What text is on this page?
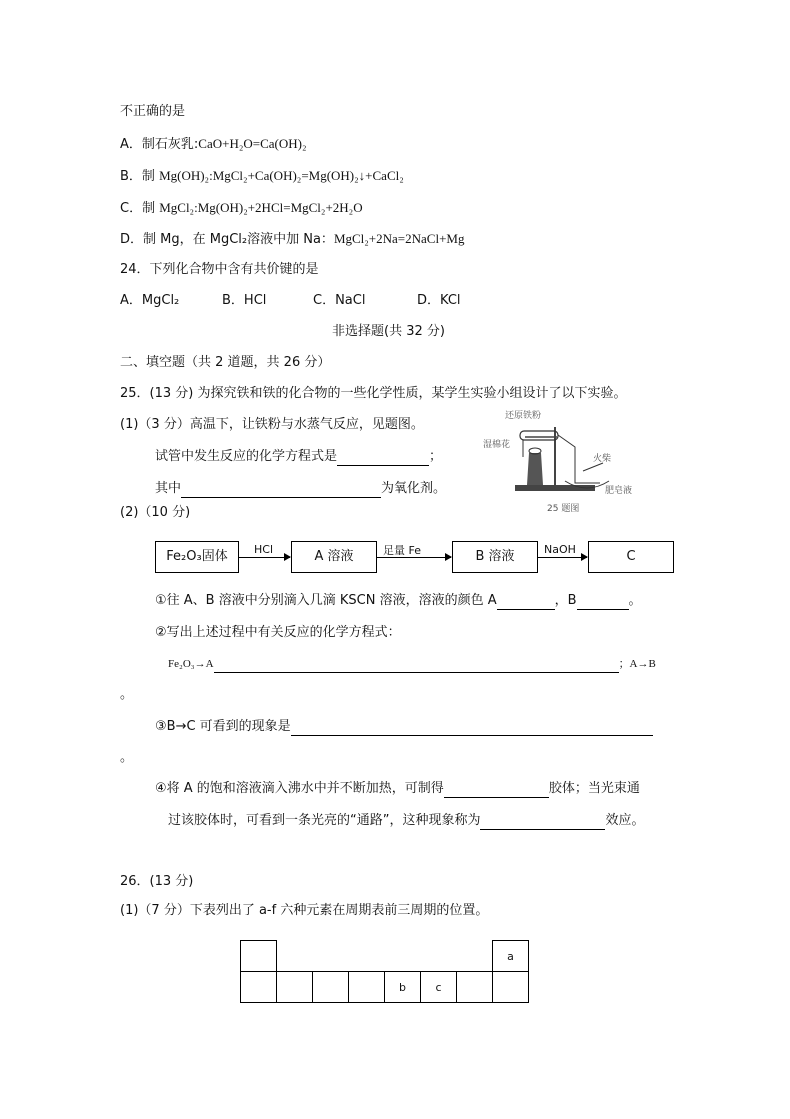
不正确的是
A．制石灰乳:CaO+H₂O=Ca(OH)₂
B．制 Mg(OH)₂:MgCl₂+Ca(OH)₂=Mg(OH)₂↓+CaCl₂
C．制 MgCl₂:Mg(OH)₂+2HCl=MgCl₂+2H₂O
D．制 Mg，在 MgCl₂溶液中加 Na：MgCl₂+2Na=2NaCl+Mg
24．下列化合物中含有共价键的是
A．MgCl₂	B．HCl	C．NaCl	D．KCl
非选择题(共 32 分)
二、填空题（共 2 道题，共 26 分）
25．(13 分) 为探究铁和铁的化合物的一些化学性质，某学生实验小组设计了以下实验。
(1)（3 分）高温下，让铁粉与水蒸气反应，见题图。
试管中发生反应的化学方程式是	；
其中	为氧化剂。
还原铁粉
湿棉花
火柴
肥皂液
25 题图
(2)（10 分)
Fe₂O₃固体	HCl	A 溶液	足量 Fe	B 溶液	NaOH	C
①往 A、B 溶液中分别滴入几滴 KSCN 溶液，溶液的颜色 A	，B	。
②写出上述过程中有关反应的化学方程式：
Fe₂O₃→A	；A→B
。
③B→C 可看到的现象是
。
④将 A 的饱和溶液滴入沸水中并不断加热，可制得	胶体；当光束通
过该胶体时，可看到一条光亮的“通路”，这种现象称为	效应。
26．(13 分)
(1)（7 分）下表列出了 a-f 六种元素在周期表前三周期的位置。
							a
				b	c		
